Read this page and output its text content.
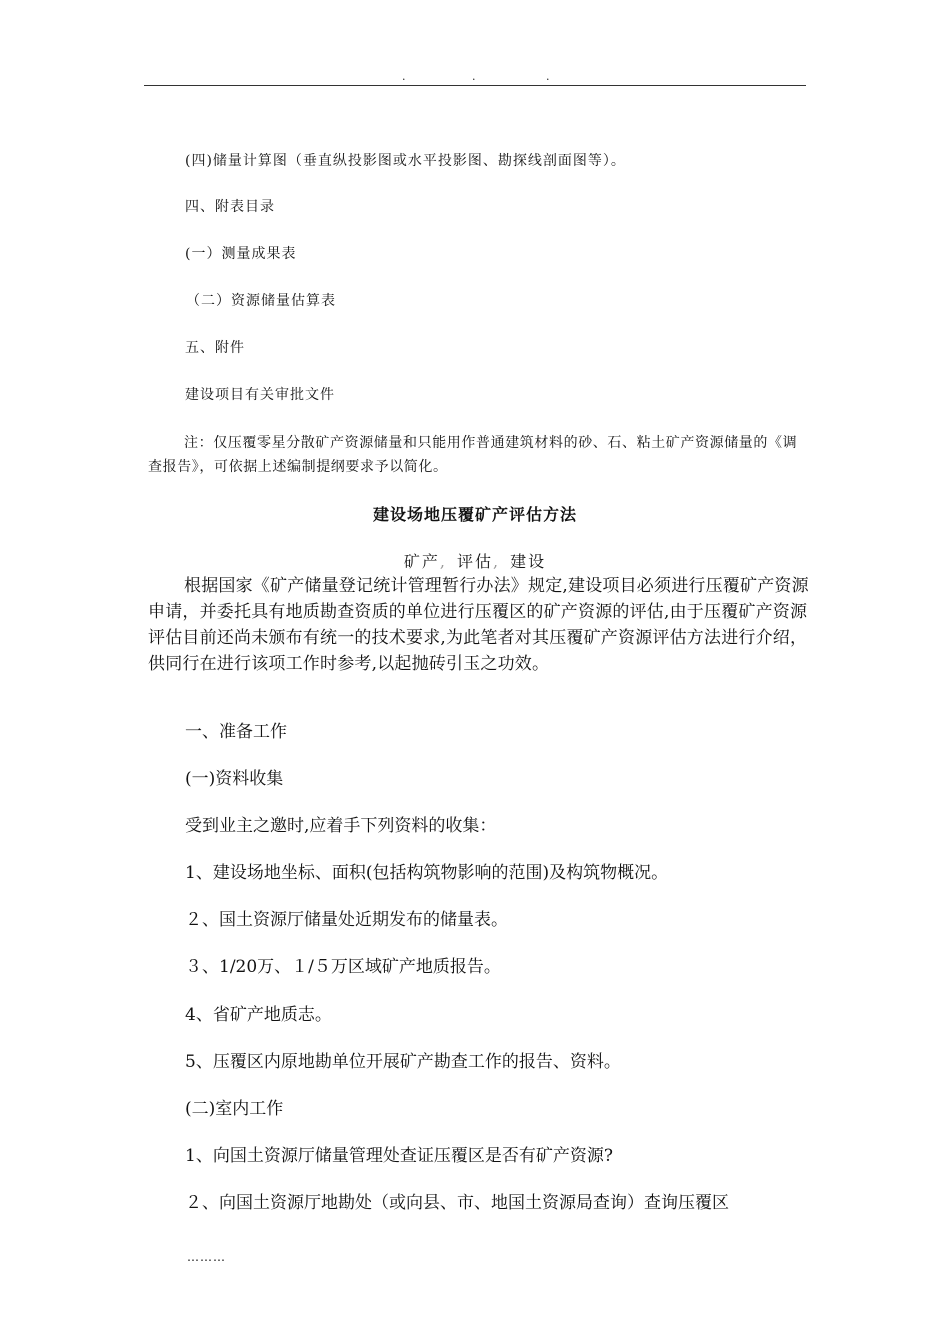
.	.	.

(四)储量计算图（垂直纵投影图或水平投影图、勘探线剖面图等）。

四、附表目录

(一）测量成果表

（二）资源储量估算表

五、附件

建设项目有关审批文件

注：仅压覆零星分散矿产资源储量和只能用作普通建筑材料的砂、石、粘土矿产资源储量的《调查报告》，可依据上述编制提纲要求予以简化。

建设场地压覆矿产评估方法

矿产, 评估, 建设

根据国家《矿产储量登记统计管理暂行办法》规定,建设项目必须进行压覆矿产资源申请，并委托具有地质勘查资质的单位进行压覆区的矿产资源的评估,由于压覆矿产资源评估目前还尚未颁布有统一的技术要求,为此笔者对其压覆矿产资源评估方法进行介绍，供同行在进行该项工作时参考,以起抛砖引玉之功效。

一、准备工作

(一)资料收集

受到业主之邀时,应着手下列资料的收集：

1、建设场地坐标、面积(包括构筑物影响的范围)及构筑物概况。

２、国土资源厅储量处近期发布的储量表。

３、1/20万、１/５万区域矿产地质报告。

4、省矿产地质志。

5、压覆区内原地勘单位开展矿产勘查工作的报告、资料。

(二)室内工作

1、向国土资源厅储量管理处查证压覆区是否有矿产资源?

２、向国土资源厅地勘处（或向县、市、地国土资源局查询）查询压覆区

………
